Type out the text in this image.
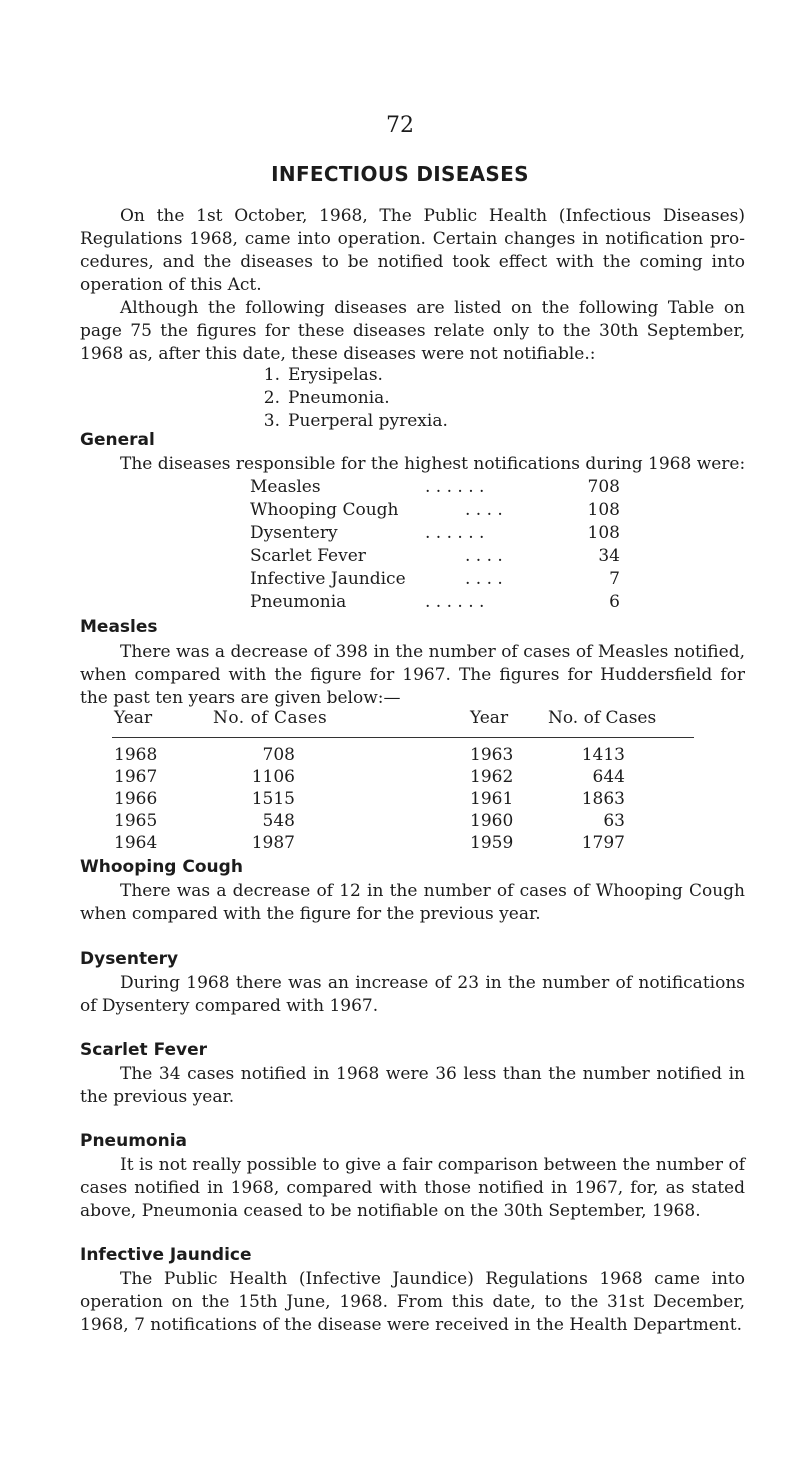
72
INFECTIOUS DISEASES
On the 1st October, 1968, The Public Health (Infectious Diseases) Regulations 1968, came into operation. Certain changes in notification pro- cedures, and the diseases to be notified took effect with the coming into operation of this Act.
Although the following diseases are listed on the following Table on page 75 the figures for these diseases relate only to the 30th September, 1968 as, after this date, these diseases were not notifiable.:
1. Erysipelas.
2. Pneumonia.
3. Puerperal pyrexia.
General
The diseases responsible for the highest notifications during 1968 were:
. . . . . .
Measles	708
. . . .
Whooping Cough	108
. . . . . .
Dysentery	108
. . . .
Scarlet Fever	34
. . . .
Infective Jaundice	7
. . . . . .
Pneumonia	6
Measles
There was a decrease of 398 in the number of cases of Measles notified, when compared with the figure for 1967. The figures for Huddersfield for the past ten years are given below:—
Year	No. of Cases	Year No. of Cases
1968	708	1963	1413
1967	1106	1962	644
1966	1515	1961	1863
1965	548	1960	63
1964	1987	1959	1797
Whooping Cough
There was a decrease of 12 in the number of cases of Whooping Cough when compared with the figure for the previous year.
Dysentery
During 1968 there was an increase of 23 in the number of notifications of Dysentery compared with 1967.
Scarlet Fever
The 34 cases notified in 1968 were 36 less than the number notified in the previous year.
Pneumonia
It is not really possible to give a fair comparison between the number of cases notified in 1968, compared with those notified in 1967, for, as stated above, Pneumonia ceased to be notifiable on the 30th September, 1968.
Infective Jaundice
The Public Health (Infective Jaundice) Regulations 1968 came into operation on the 15th June, 1968. From this date, to the 31st December, 1968, 7 notifications of the disease were received in the Health Department.
